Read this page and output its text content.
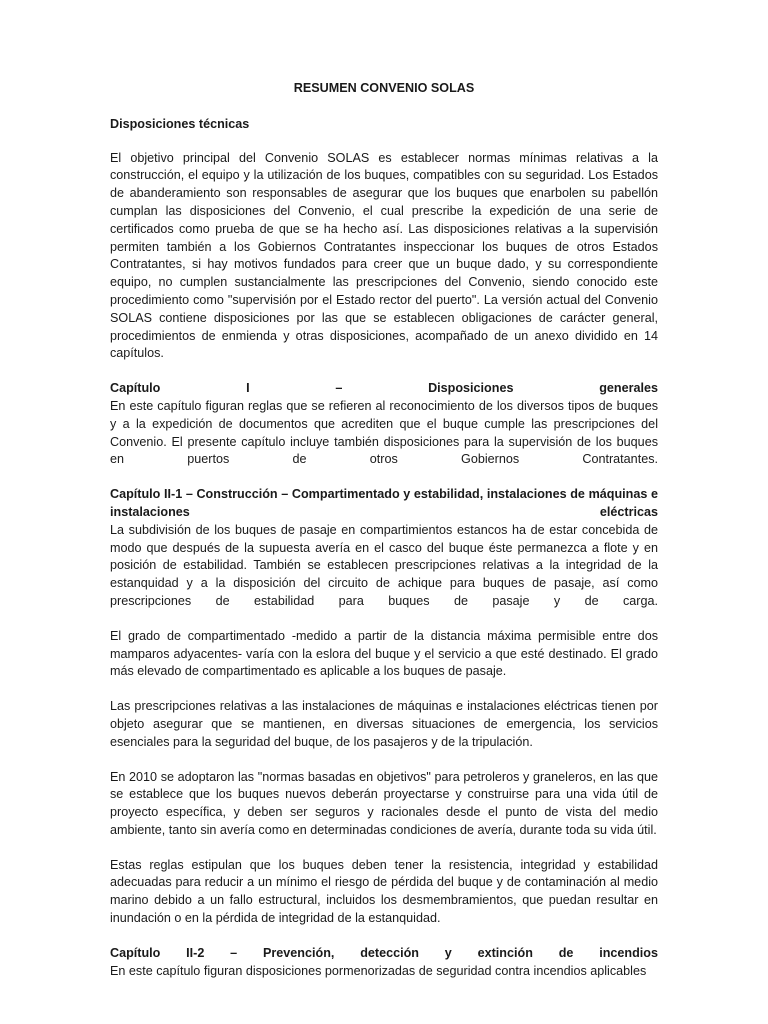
RESUMEN CONVENIO SOLAS
Disposiciones técnicas

El objetivo principal del Convenio SOLAS es establecer normas mínimas relativas a la construcción, el equipo y la utilización de los buques, compatibles con su seguridad. Los Estados de abanderamiento son responsables de asegurar que los buques que enarbolen su pabellón cumplan las disposiciones del Convenio, el cual prescribe la expedición de una serie de certificados como prueba de que se ha hecho así. Las disposiciones relativas a la supervisión permiten también a los Gobiernos Contratantes inspeccionar los buques de otros Estados Contratantes, si hay motivos fundados para creer que un buque dado, y su correspondiente equipo, no cumplen sustancialmente las prescripciones del Convenio, siendo conocido este procedimiento como "supervisión por el Estado rector del puerto". La versión actual del Convenio SOLAS contiene disposiciones por las que se establecen obligaciones de carácter general, procedimientos de enmienda y otras disposiciones, acompañado de un anexo dividido en 14 capítulos.

Capítulo I – Disposiciones generales
En este capítulo figuran reglas que se refieren al reconocimiento de los diversos tipos de buques y a la expedición de documentos que acrediten que el buque cumple las prescripciones del Convenio. El presente capítulo incluye también disposiciones para la supervisión de los buques en puertos de otros Gobiernos Contratantes.
Capítulo II-1 – Construcción – Compartimentado y estabilidad, instalaciones de máquinas e instalaciones eléctricas
La subdivisión de los buques de pasaje en compartimientos estancos ha de estar concebida de modo que después de la supuesta avería en el casco del buque éste permanezca a flote y en posición de estabilidad. También se establecen prescripciones relativas a la integridad de la estanquidad y a la disposición del circuito de achique para buques de pasaje, así como prescripciones de estabilidad para buques de pasaje y de carga.

El grado de compartimentado -medido a partir de la distancia máxima permisible entre dos mamparos adyacentes- varía con la eslora del buque y el servicio a que esté destinado. El grado más elevado de compartimentado es aplicable a los buques de pasaje.

Las prescripciones relativas a las instalaciones de máquinas e instalaciones eléctricas tienen por objeto asegurar que se mantienen, en diversas situaciones de emergencia, los servicios esenciales para la seguridad del buque, de los pasajeros y de la tripulación.

En 2010 se adoptaron las "normas basadas en objetivos" para petroleros y graneleros, en las que se establece que los buques nuevos deberán proyectarse y construirse para una vida útil de proyecto específica, y deben ser seguros y racionales desde el punto de vista del medio ambiente, tanto sin avería como en determinadas condiciones de avería, durante toda su vida útil.

Estas reglas estipulan que los buques deben tener la resistencia, integridad y estabilidad adecuadas para reducir a un mínimo el riesgo de pérdida del buque y de contaminación al medio marino debido a un fallo estructural, incluidos los desmembramientos, que puedan resultar en inundación o en la pérdida de integridad de la estanquidad.

Capítulo II-2 – Prevención, detección y extinción de incendios
En este capítulo figuran disposiciones pormenorizadas de seguridad contra incendios aplicables
